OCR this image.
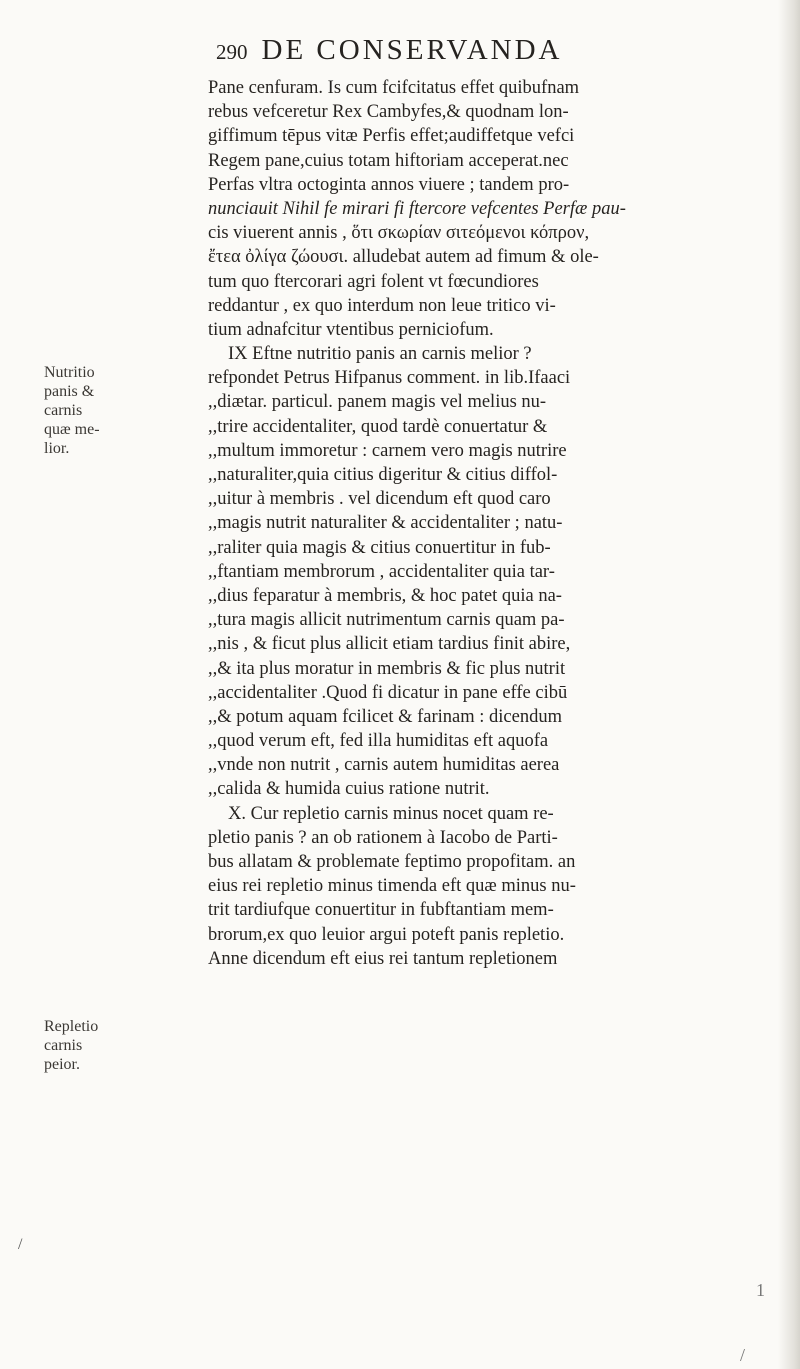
290 DE CONSERVANDA
Nutritio
panis &
carnis
quæ me-
lior.
Repletio
carnis
peior.
Pane cenfuram. Is cum fcifcitatus effet quibufnam
rebus vefceretur Rex Cambyfes,& quodnam lon-
giffimum tēpus vitæ Perfis effet;audiffetque vefci
Regem pane,cuius totam hiftoriam acceperat.nec
Perfas vltra octoginta annos viuere ; tandem pro-
nunciauit Nihil fe mirari fi ftercore vefcentes Perfæ pau-
cis viuerent annis , ὅτι σκωρίαν σιτεόμενοι κόπρον,
ἔτεα ὀλίγα ζώουσι. alludebat autem ad fimum & ole-
tum quo ftercorari agri folent vt fœcundiores
reddantur , ex quo interdum non leue tritico vi-
tium adnafcitur vtentibus perniciofum.
IX Eftne nutritio panis an carnis melior ?
refpondet Petrus Hifpanus comment. in lib.Ifaaci
,,diætar. particul. panem magis vel melius nu-
,,trire accidentaliter, quod tardè conuertatur &
,,multum immoretur : carnem vero magis nutrire
,,naturaliter,quia citius digeritur & citius diffol-
,,uitur à membris . vel dicendum eft quod caro
,,magis nutrit naturaliter & accidentaliter ; natu-
,,raliter quia magis & citius conuertitur in fub-
,,ftantiam membrorum , accidentaliter quia tar-
,,dius feparatur à membris, & hoc patet quia na-
,,tura magis allicit nutrimentum carnis quam pa-
,,nis , & ficut plus allicit etiam tardius finit abire,
,,& ita plus moratur in membris & fic plus nutrit
,,accidentaliter .Quod fi dicatur in pane effe cibū
,,& potum aquam fcilicet & farinam : dicendum
,,quod verum eft, fed illa humiditas eft aquofa
,,vnde non nutrit , carnis autem humiditas aerea
,,calida & humida cuius ratione nutrit.
X. Cur repletio carnis minus nocet quam re-
pletio panis ? an ob rationem à Iacobo de Parti-
bus allatam & problemate feptimo propofitam. an
eius rei repletio minus timenda eft quæ minus nu-
trit tardiufque conuertitur in fubftantiam mem-
brorum,ex quo leuior argui poteft panis repletio.
Anne dicendum eft eius rei tantum repletionem
/
1
/
